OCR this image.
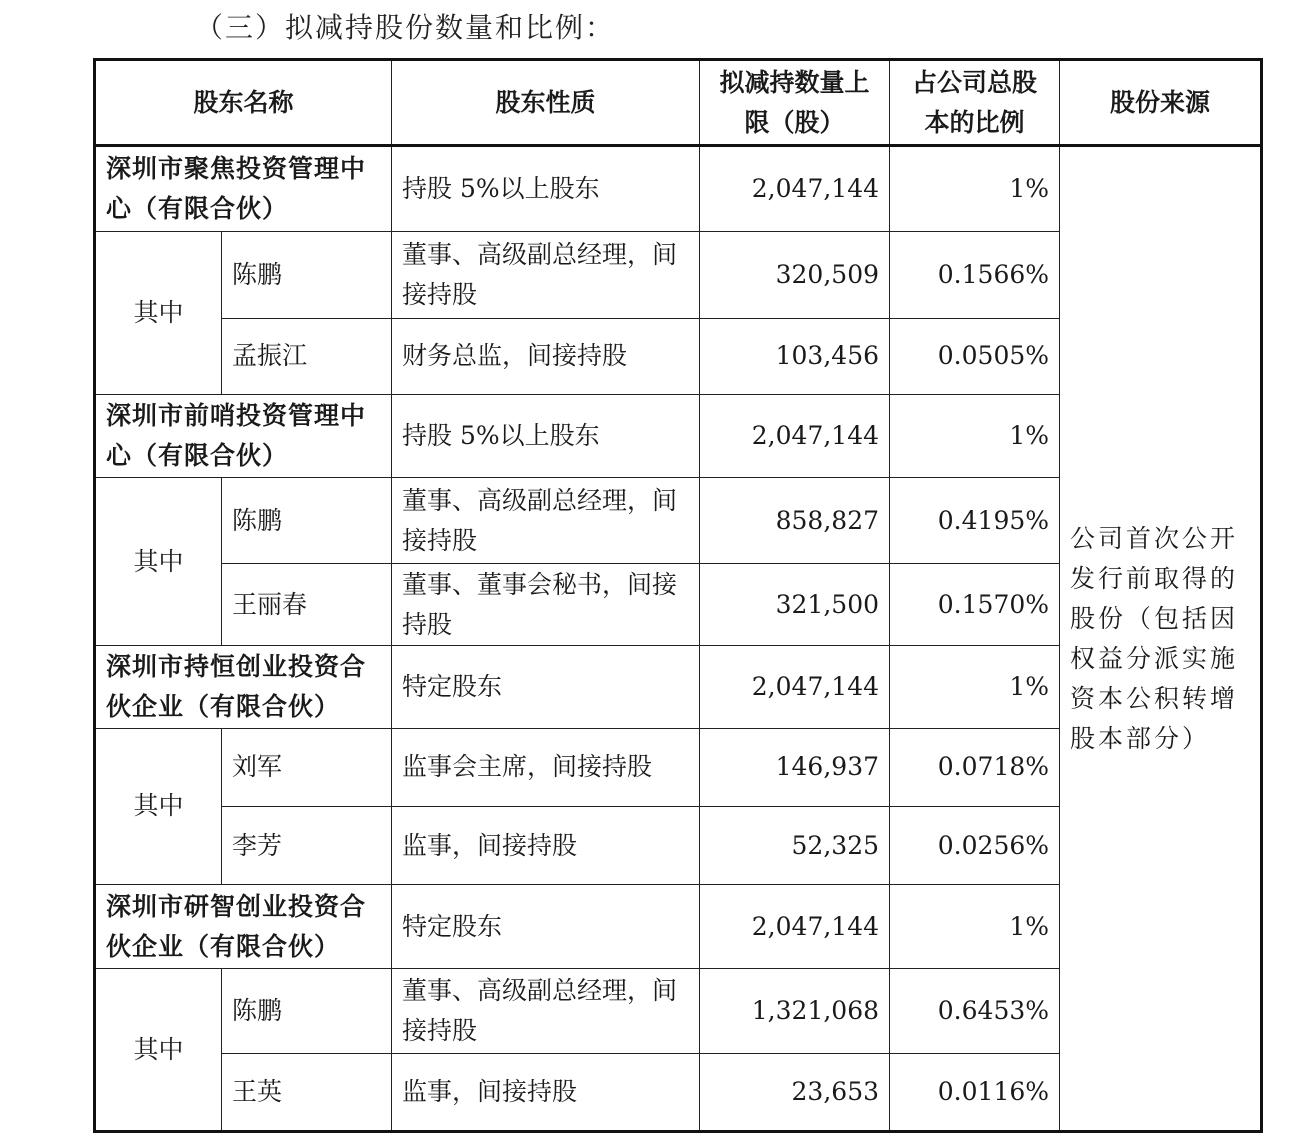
（三）拟减持股份数量和比例：
股东名称		股东性质	拟减持数量上限（股）	占公司总股本的比例	股份来源
深圳市聚焦投资管理中心（有限合伙）		持股 5%以上股东	2,047,144	1%	公司首次公开发行前取得的股份（包括因权益分派实施资本公积转增股本部分）
其中	陈鹏	董事、高级副总经理，间接持股	320,509	0.1566%	
	孟振江	财务总监，间接持股	103,456	0.0505%	
深圳市前哨投资管理中心（有限合伙）		持股 5%以上股东	2,047,144	1%	
其中	陈鹏	董事、高级副总经理，间接持股	858,827	0.4195%	
	王丽春	董事、董事会秘书，间接持股	321,500	0.1570%	
深圳市持恒创业投资合伙企业（有限合伙）		特定股东	2,047,144	1%	
其中	刘军	监事会主席，间接持股	146,937	0.0718%	
	李芳	监事，间接持股	52,325	0.0256%	
深圳市研智创业投资合伙企业（有限合伙）		特定股东	2,047,144	1%	
其中	陈鹏	董事、高级副总经理，间接持股	1,321,068	0.6453%	
	王英	监事，间接持股	23,653	0.0116%	
